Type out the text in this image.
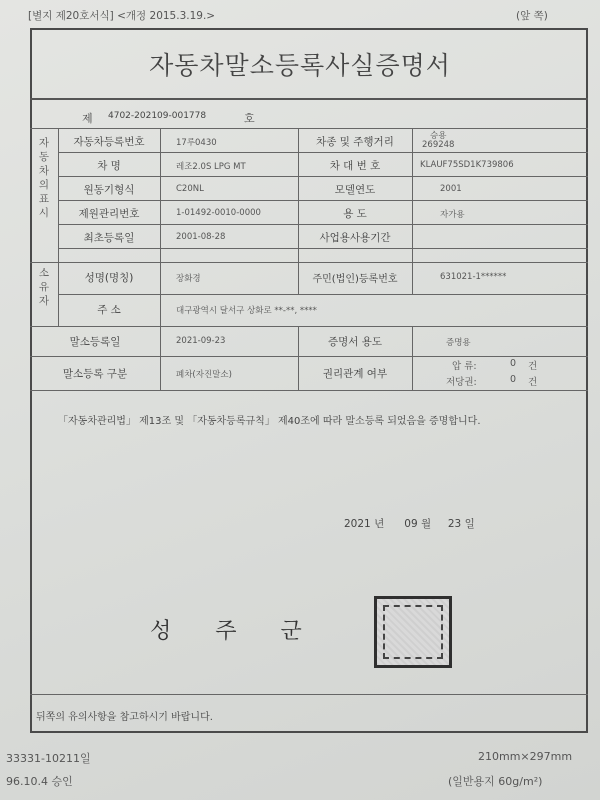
[별지 제20호서식] <개정 2015.3.19.>	(앞 쪽)
자동차말소등록사실증명서
제 4702-202109-001778	호
자동차의표시
소유자
자동차등록번호	17루0430	차종 및 주행거리	승용
269248
차 명	레조2.0S LPG MT	차 대 번 호	KLAUF75SD1K739806
원동기형식	C20NL	모델연도	2001
제원관리번호	1-01492-0010-0000	용 도	자가용
최초등록일	2001-08-28	사업용사용기간
성명(명칭)	장화경	주민(법인)등록번호	631021-1******
주 소	대구광역시 달서구 상화로 **-**, ****
말소등록일	2021-09-23	증명서 용도	증명용
말소등록 구분	폐차(자진말소)	권리관계 여부
압 류:	0 건
저당권:	0 건
「자동차관리법」 제13조 및 「자동차등록규칙」 제40조에 따라 말소등록 되었음을 증명합니다.
2021 년 09 월 23 일
성주군
뒤쪽의 유의사항을 참고하시기 바랍니다.
33331-10211일
96.10.4 승인
210mm×297mm
(일반용지 60g/m²)
